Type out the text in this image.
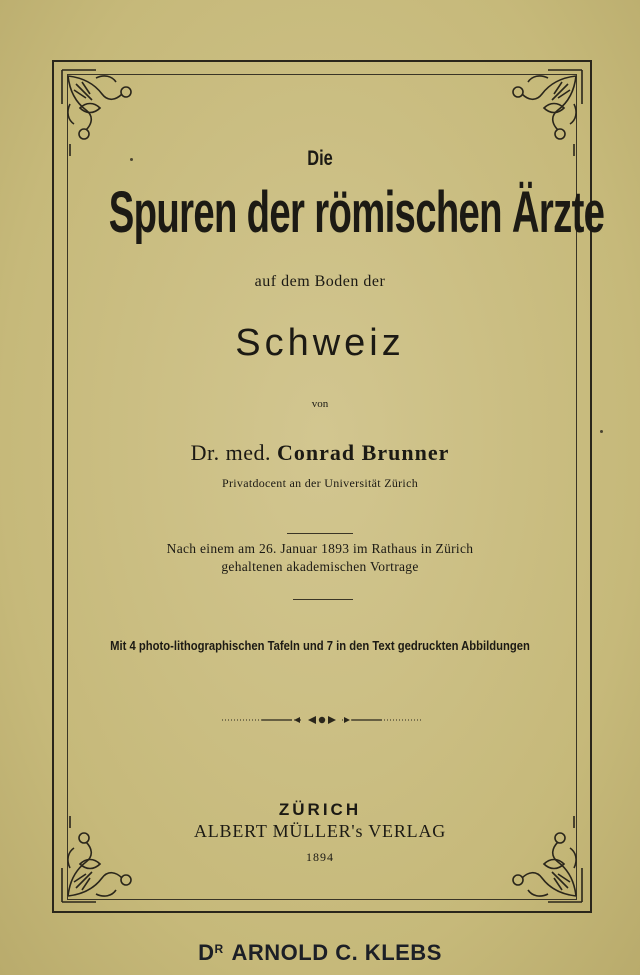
Die
Spuren der römischen Ärzte
auf dem Boden der
Schweiz
von
Dr. med. Conrad Brunner
Privatdocent an der Universität Zürich
Nach einem am 26. Januar 1893 im Rathaus in Zürich
gehaltenen akademischen Vortrage
Mit 4 photo-lithographischen Tafeln und 7 in den Text gedruckten Abbildungen
ZÜRICH
ALBERT MÜLLER's VERLAG
1894
$D^R$ ARNOLD C. KLEBS
